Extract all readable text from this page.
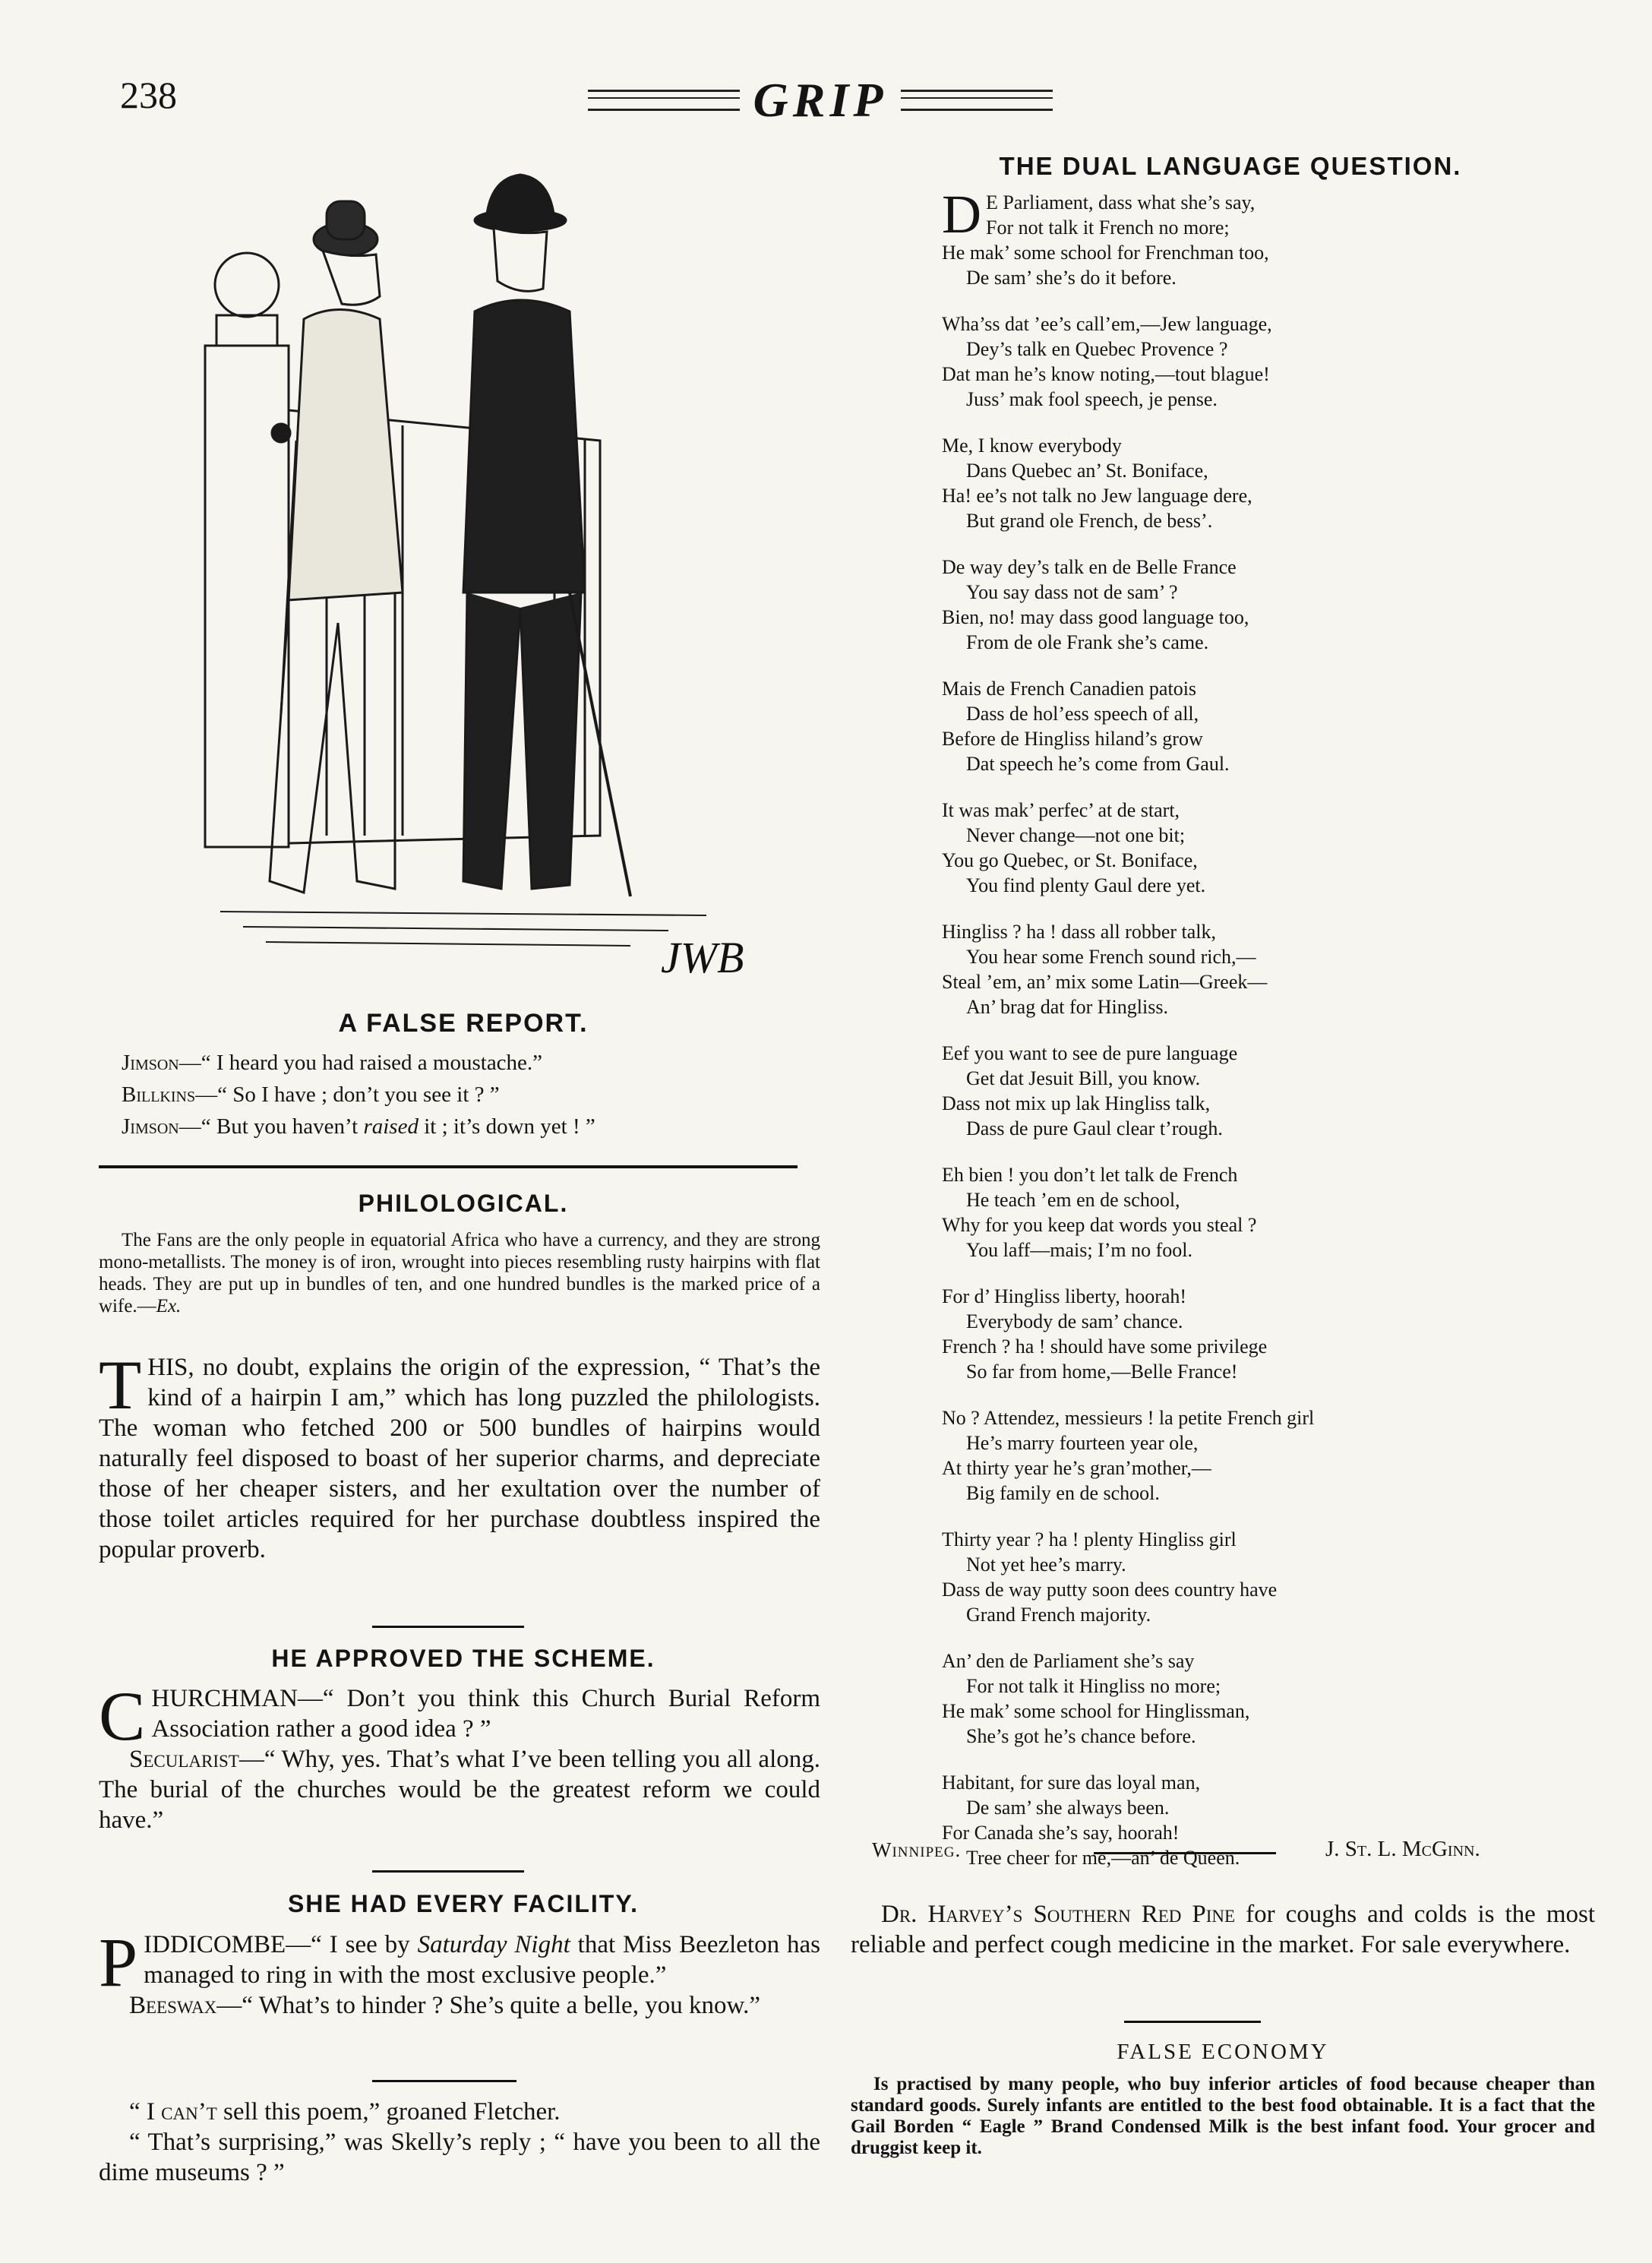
238	GRIP
JWB
A FALSE REPORT.
Jimson—“ I heard you had raised a moustache.”
Billkins—“ So I have ; don’t you see it ? ”
Jimson—“ But you haven’t raised it ; it’s down yet ! ”
PHILOLOGICAL.
The Fans are the only people in equatorial Africa who have a currency, and they are strong mono-metallists. The money is of iron, wrought into pieces resembling rusty hairpins with flat heads. They are put up in bundles of ten, and one hundred bundles is the marked price of a wife.—Ex.
THIS, no doubt, explains the origin of the expression, “ That’s the kind of a hairpin I am,” which has long puzzled the philologists. The woman who fetched 200 or 500 bundles of hairpins would naturally feel disposed to boast of her superior charms, and depreciate those of her cheaper sisters, and her exultation over the number of those toilet articles required for her purchase doubtless inspired the popular proverb.
HE APPROVED THE SCHEME.
CHURCHMAN—“ Don’t you think this Church Burial Reform Association rather a good idea ? ”
Secularist—“ Why, yes. That’s what I’ve been telling you all along. The burial of the churches would be the greatest reform we could have.”
SHE HAD EVERY FACILITY.
PIDDICOMBE—“ I see by Saturday Night that Miss Beezleton has managed to ring in with the most exclusive people.”
Beeswax—“ What’s to hinder ? She’s quite a belle, you know.”
“ I can’t sell this poem,” groaned Fletcher.
“ That’s surprising,” was Skelly’s reply ; “ have you been to all the dime museums ? ”
THE DUAL LANGUAGE QUESTION.
D E Parliament, dass what she’s say,
For not talk it French no more;
He mak’ some school for Frenchman too,
De sam’ she’s do it before.
Wha’ss dat ’ee’s call’em,—Jew language,
Dey’s talk en Quebec Provence ?
Dat man he’s know noting,—tout blague!
Juss’ mak fool speech, je pense.
Me, I know everybody
Dans Quebec an’ St. Boniface,
Ha! ee’s not talk no Jew language dere,
But grand ole French, de bess’.
De way dey’s talk en de Belle France
You say dass not de sam’ ?
Bien, no! may dass good language too,
From de ole Frank she’s came.
Mais de French Canadien patois
Dass de hol’ess speech of all,
Before de Hingliss hiland’s grow
Dat speech he’s come from Gaul.
It was mak’ perfec’ at de start,
Never change—not one bit;
You go Quebec, or St. Boniface,
You find plenty Gaul dere yet.
Hingliss ? ha ! dass all robber talk,
You hear some French sound rich,—
Steal ’em, an’ mix some Latin—Greek—
An’ brag dat for Hingliss.
Eef you want to see de pure language
Get dat Jesuit Bill, you know.
Dass not mix up lak Hingliss talk,
Dass de pure Gaul clear t’rough.
Eh bien ! you don’t let talk de French
He teach ’em en de school,
Why for you keep dat words you steal ?
You laff—mais; I’m no fool.
For d’ Hingliss liberty, hoorah!
Everybody de sam’ chance.
French ? ha ! should have some privilege
So far from home,—Belle France!
No ? Attendez, messieurs ! la petite French girl
He’s marry fourteen year ole,
At thirty year he’s gran’mother,—
Big family en de school.
Thirty year ? ha ! plenty Hingliss girl
Not yet hee’s marry.
Dass de way putty soon dees country have
Grand French majority.
An’ den de Parliament she’s say
For not talk it Hingliss no more;
He mak’ some school for Hinglissman,
She’s got he’s chance before.
Habitant, for sure das loyal man,
De sam’ she always been.
For Canada she’s say, hoorah!
Tree cheer for me,—an’ de Queen.
Winnipeg.	J. St. L. McGinn.
Dr. Harvey’s Southern Red Pine for coughs and colds is the most reliable and perfect cough medicine in the market. For sale everywhere.
FALSE ECONOMY
Is practised by many people, who buy inferior articles of food because cheaper than standard goods. Surely infants are entitled to the best food obtainable. It is a fact that the Gail Borden “ Eagle ” Brand Condensed Milk is the best infant food. Your grocer and druggist keep it.
